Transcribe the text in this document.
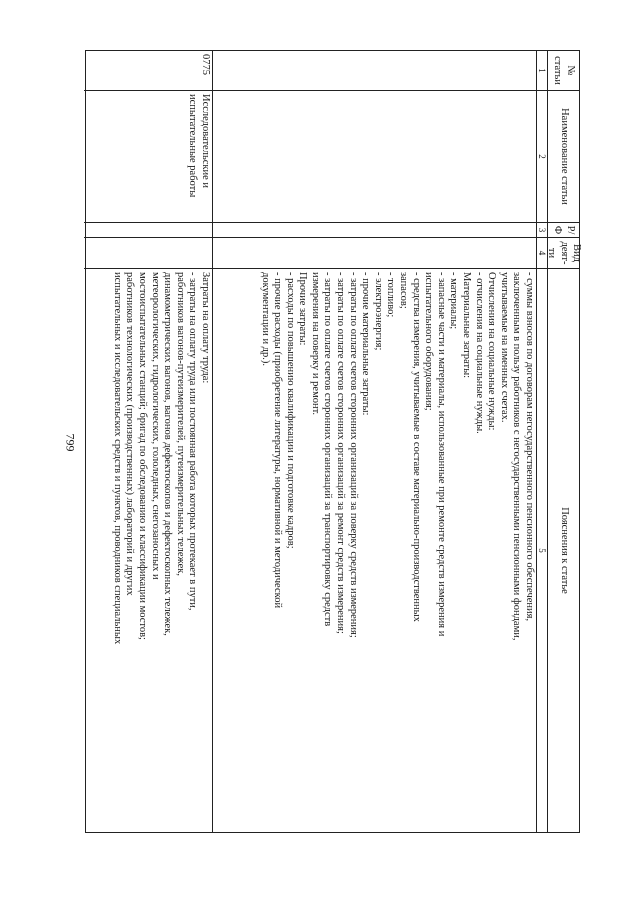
799
№ статьи
Наименование статьи
Р/ Ф
Вид деят-ти
Пояснения к статье
1
2
3
4
5
- суммы взносов по договорам негосударственного пенсионного обеспечения,
заключенным в пользу работников с негосударственными пенсионными фондами,
учитываемые на именных счетах.
Отчисления на социальные нужды:
- отчисления на социальные нужды.
Материальные затраты:
- материалы;
- запасные части и материалы, использованные при ремонте средств измерения и
испытательного оборудования;
- средства измерения, учитываемые в составе материально-производственных
запасов;
- топливо;
- электроэнергия;
- прочие материальные затраты:
- затраты по оплате счетов сторонних организаций за поверку средств измерения;
- затраты по оплате счетов сторонних организаций за ремонт средств измерения;
- затраты по оплате счетов сторонних организаций за транспортировку средств
измерения на поверку и ремонт.
Прочие затраты:
- расходы по повышению квалификации и подготовке кадров;
- прочие расходы (приобретение литературы, нормативной и методической
документации и др.).
0775
Исследовательские и испытательные работы
Затраты на оплату труда:
- затраты на оплату труда или постоянная работа которых протекает в пути,
работников вагонов-путеизмерителей, путеизмерительных тележек,
динамометрических вагонов, вагонов дефектоскопов и дефектоскопных тележек,
метеорологических, гидрологических, гололедных, снегозаносных и
мостоиспытательных станций; бригад по обследованию и классификации мостов;
работников технологических (производственных) лабораторий и других
испытательных и исследовательских средств и пунктов, проводников специальных
